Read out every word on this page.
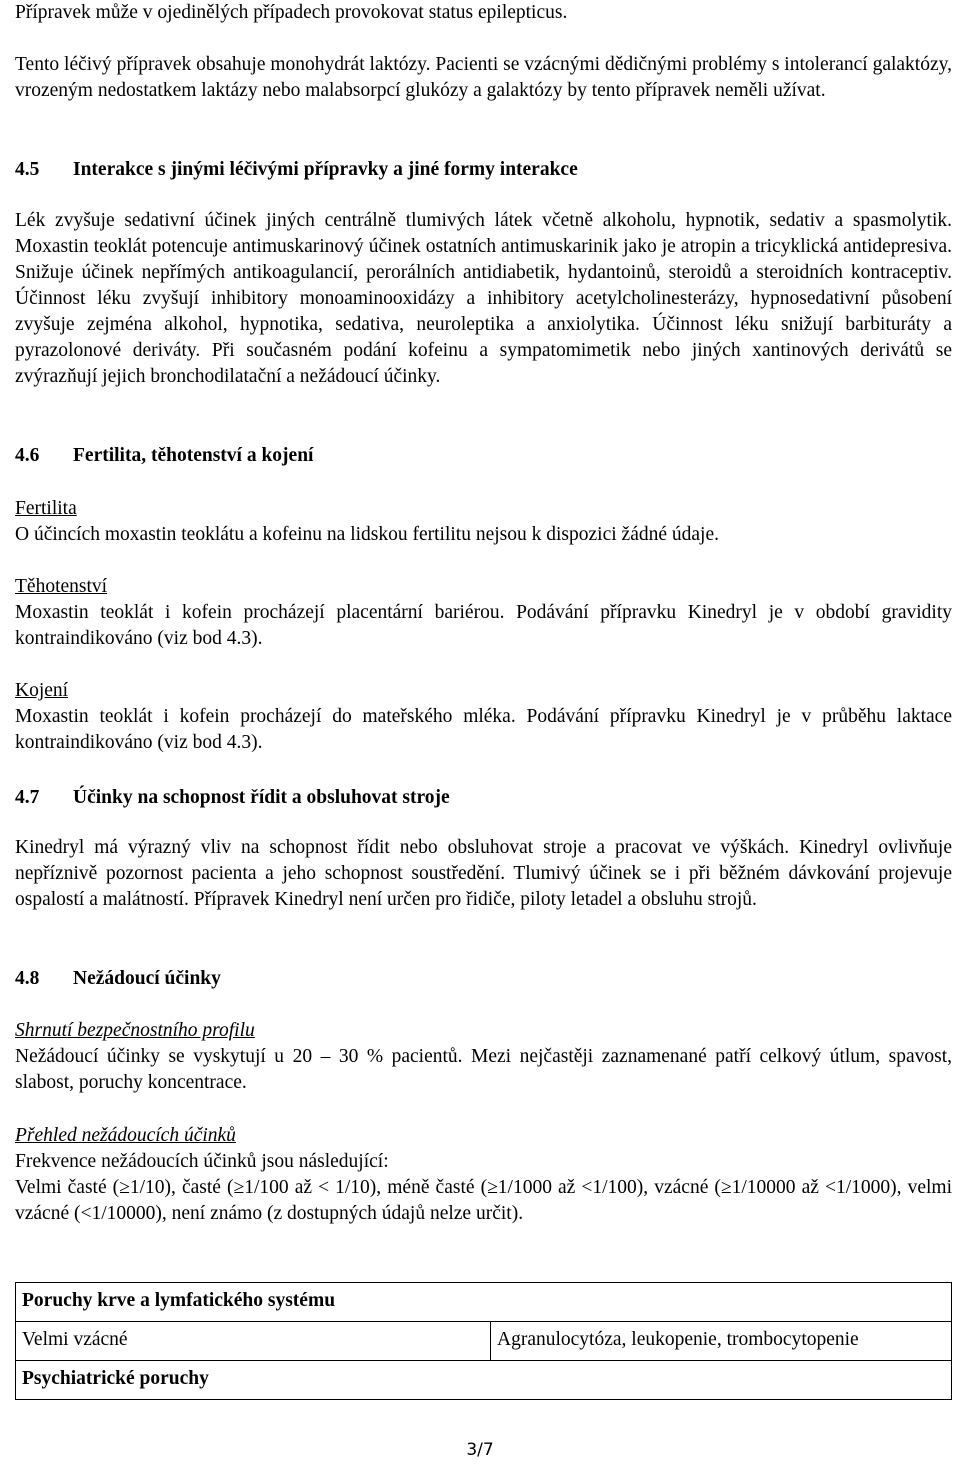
Přípravek může v ojedinělých případech provokovat status epilepticus.

Tento léčivý přípravek obsahuje monohydrát laktózy. Pacienti se vzácnými dědičnými problémy s intolerancí galaktózy, vrozeným nedostatkem laktázy nebo malabsorpcí glukózy a galaktózy by tento přípravek neměli užívat.

4.5	Interakce s jinými léčivými přípravky a jiné formy interakce

Lék zvyšuje sedativní účinek jiných centrálně tlumivých látek včetně alkoholu, hypnotik, sedativ a spasmolytik. Moxastin teoklát potencuje antimuskarinový účinek ostatních antimuskarinik jako je atropin a tricyklická antidepresiva. Snižuje účinek nepřímých antikoagulancií, perorálních antidiabetik, hydantoinů, steroidů a steroidních kontraceptiv. Účinnost léku zvyšují inhibitory monoaminooxidázy a inhibitory acetylcholinesterázy, hypnosedativní působení zvyšuje zejména alkohol, hypnotika, sedativa, neuroleptika a anxiolytika. Účinnost léku snižují barbituráty a pyrazolonové deriváty. Při současném podání kofeinu a sympatomimetik nebo jiných xantinových derivátů se zvýrazňují jejich bronchodilatační a nežádoucí účinky.

4.6	Fertilita, těhotenství a kojení

Fertilita

O účincích moxastin teoklátu a kofeinu na lidskou fertilitu nejsou k dispozici žádné údaje.

Těhotenství

Moxastin teoklát i kofein procházejí placentární bariérou. Podávání přípravku Kinedryl je v období gravidity kontraindikováno (viz bod 4.3).

Kojení

Moxastin teoklát i kofein procházejí do mateřského mléka. Podávání přípravku Kinedryl je v průběhu laktace kontraindikováno (viz bod 4.3).

4.7	Účinky na schopnost řídit a obsluhovat stroje

Kinedryl má výrazný vliv na schopnost řídit nebo obsluhovat stroje a pracovat ve výškách. Kinedryl ovlivňuje nepříznivě pozornost pacienta a jeho schopnost soustředění. Tlumivý účinek se i při běžném dávkování projevuje ospalostí a malátností. Přípravek Kinedryl není určen pro řidiče, piloty letadel a obsluhu strojů.

4.8	Nežádoucí účinky

Shrnutí bezpečnostního profilu

Nežádoucí účinky se vyskytují u 20 – 30 % pacientů. Mezi nejčastěji zaznamenané patří celkový útlum, spavost, slabost, poruchy koncentrace.

Přehled nežádoucích účinků

Frekvence nežádoucích účinků jsou následující:

Velmi časté (≥1/10), časté (≥1/100 až < 1/10), méně časté (≥1/1000 až <1/100), vzácné (≥1/10000 až <1/1000), velmi vzácné (<1/10000), není známo (z dostupných údajů nelze určit).

Poruchy krve a lymfatického systému
Velmi vzácné	Agranulocytóza, leukopenie, trombocytopenie
Psychiatrické poruchy
3/7
